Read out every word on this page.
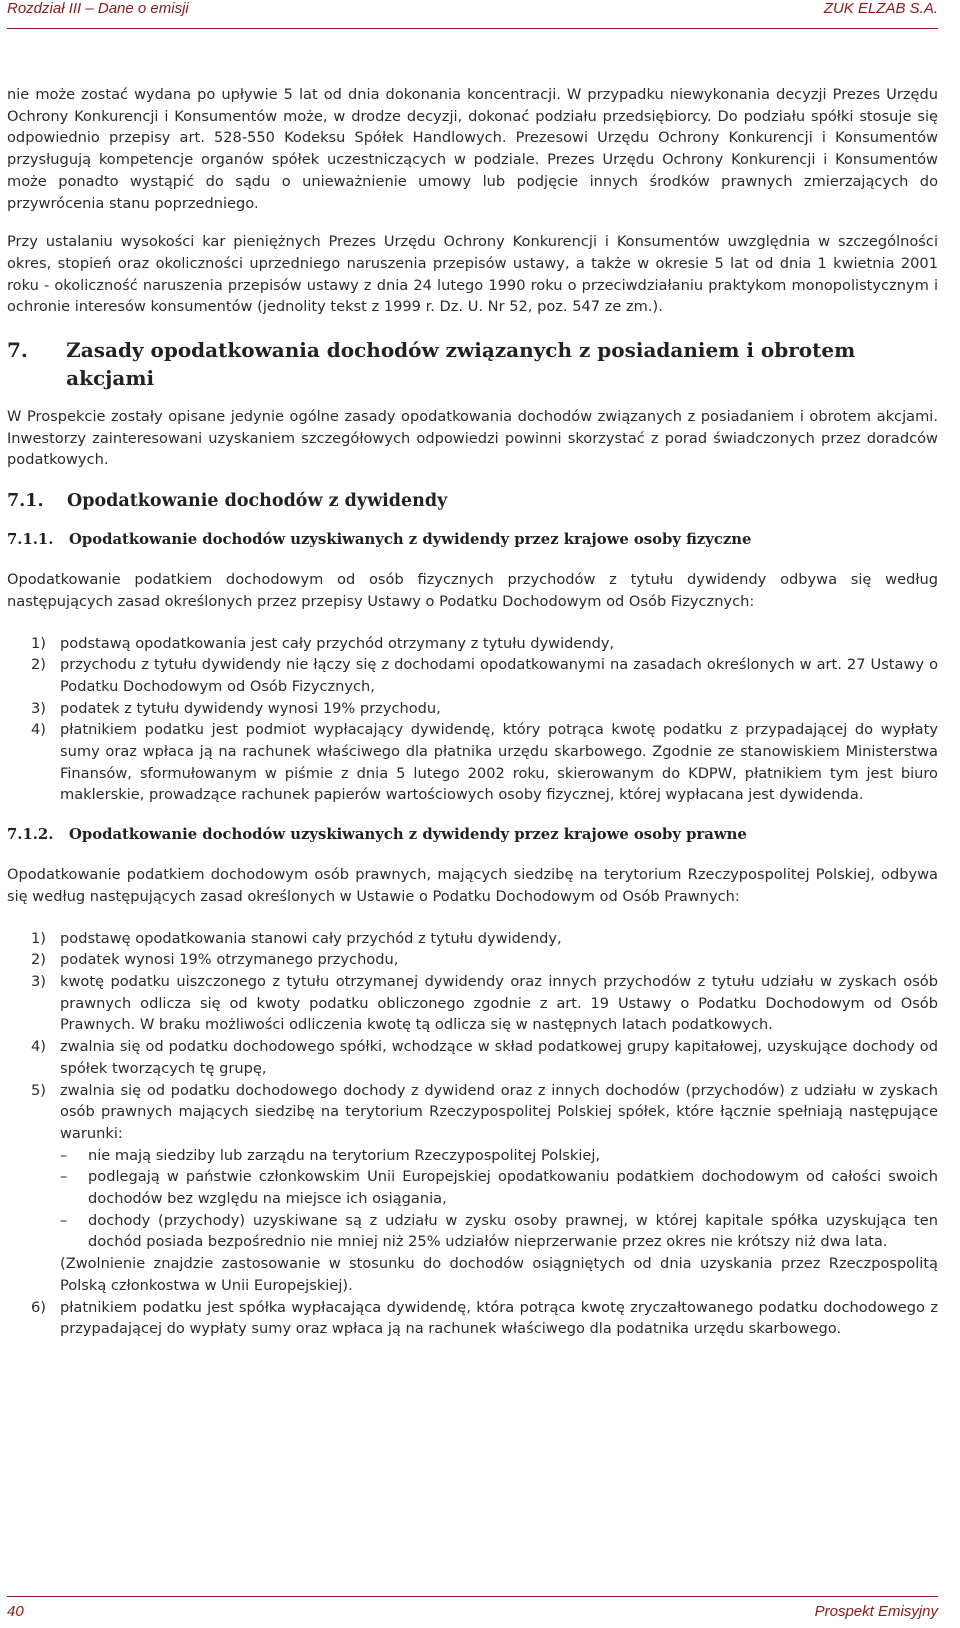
Rozdział III – Dane o emisji	ZUK ELZAB S.A.

nie może zostać wydana po upływie 5 lat od dnia dokonania koncentracji. W przypadku niewykonania decyzji Prezes Urzędu Ochrony Konkurencji i Konsumentów może, w drodze decyzji, dokonać podziału przedsiębiorcy. Do podziału spółki stosuje się odpowiednio przepisy art. 528-550 Kodeksu Spółek Handlowych. Prezesowi Urzędu Ochrony Konkurencji i Konsumentów przysługują kompetencje organów spółek uczestniczących w podziale. Prezes Urzędu Ochrony Konkurencji i Konsumentów może ponadto wystąpić do sądu o unieważnienie umowy lub podjęcie innych środków prawnych zmierzających do przywrócenia stanu poprzedniego.

Przy ustalaniu wysokości kar pieniężnych Prezes Urzędu Ochrony Konkurencji i Konsumentów uwzględnia w szczególności okres, stopień oraz okoliczności uprzedniego naruszenia przepisów ustawy, a także w okresie 5 lat od dnia 1 kwietnia 2001 roku - okoliczność naruszenia przepisów ustawy z dnia 24 lutego 1990 roku o przeciwdziałaniu praktykom monopolistycznym i ochronie interesów konsumentów (jednolity tekst z 1999 r. Dz. U. Nr 52, poz. 547 ze zm.).

7.	Zasady opodatkowania dochodów związanych z posiadaniem i obrotem akcjami

W Prospekcie zostały opisane jedynie ogólne zasady opodatkowania dochodów związanych z posiadaniem i obrotem akcjami. Inwestorzy zainteresowani uzyskaniem szczegółowych odpowiedzi powinni skorzystać z porad świadczonych przez doradców podatkowych.

7.1.	Opodatkowanie dochodów z dywidendy
7.1.1.	Opodatkowanie dochodów uzyskiwanych z dywidendy przez krajowe osoby fizyczne

Opodatkowanie podatkiem dochodowym od osób fizycznych przychodów z tytułu dywidendy odbywa się według następujących zasad określonych przez przepisy Ustawy o Podatku Dochodowym od Osób Fizycznych:

1) podstawą opodatkowania jest cały przychód otrzymany z tytułu dywidendy,
2) przychodu z tytułu dywidendy nie łączy się z dochodami opodatkowanymi na zasadach określonych w art. 27 Ustawy o Podatku Dochodowym od Osób Fizycznych,
3) podatek z tytułu dywidendy wynosi 19% przychodu,
4) płatnikiem podatku jest podmiot wypłacający dywidendę, który potrąca kwotę podatku z przypadającej do wypłaty sumy oraz wpłaca ją na rachunek właściwego dla płatnika urzędu skarbowego. Zgodnie ze stanowiskiem Ministerstwa Finansów, sformułowanym w piśmie z dnia 5 lutego 2002 roku, skierowanym do KDPW, płatnikiem tym jest biuro maklerskie, prowadzące rachunek papierów wartościowych osoby fizycznej, której wypłacana jest dywidenda.
7.1.2.	Opodatkowanie dochodów uzyskiwanych z dywidendy przez krajowe osoby prawne

Opodatkowanie podatkiem dochodowym osób prawnych, mających siedzibę na terytorium Rzeczypospolitej Polskiej, odbywa się według następujących zasad określonych w Ustawie o Podatku Dochodowym od Osób Prawnych:

1) podstawę opodatkowania stanowi cały przychód z tytułu dywidendy,
2) podatek wynosi 19% otrzymanego przychodu,
3) kwotę podatku uiszczonego z tytułu otrzymanej dywidendy oraz innych przychodów z tytułu udziału w zyskach osób prawnych odlicza się od kwoty podatku obliczonego zgodnie z art. 19 Ustawy o Podatku Dochodowym od Osób Prawnych. W braku możliwości odliczenia kwotę tą odlicza się w następnych latach podatkowych.
4) zwalnia się od podatku dochodowego spółki, wchodzące w skład podatkowej grupy kapitałowej, uzyskujące dochody od spółek tworzących tę grupę,
5) zwalnia się od podatku dochodowego dochody z dywidend oraz z innych dochodów (przychodów) z udziału w zyskach osób prawnych mających siedzibę na terytorium Rzeczypospolitej Polskiej spółek, które łącznie spełniają następujące warunki:
–	nie mają siedziby lub zarządu na terytorium Rzeczypospolitej Polskiej,
–	podlegają w państwie członkowskim Unii Europejskiej opodatkowaniu podatkiem dochodowym od całości swoich dochodów bez względu na miejsce ich osiągania,
–	dochody (przychody) uzyskiwane są z udziału w zysku osoby prawnej, w której kapitale spółka uzyskująca ten dochód posiada bezpośrednio nie mniej niż 25% udziałów nieprzerwanie przez okres nie krótszy niż dwa lata.
(Zwolnienie znajdzie zastosowanie w stosunku do dochodów osiągniętych od dnia uzyskania przez Rzeczpospolitą Polską członkostwa w Unii Europejskiej).
6) płatnikiem podatku jest spółka wypłacająca dywidendę, która potrąca kwotę zryczałtowanego podatku dochodowego z przypadającej do wypłaty sumy oraz wpłaca ją na rachunek właściwego dla podatnika urzędu skarbowego.
40	Prospekt Emisyjny
